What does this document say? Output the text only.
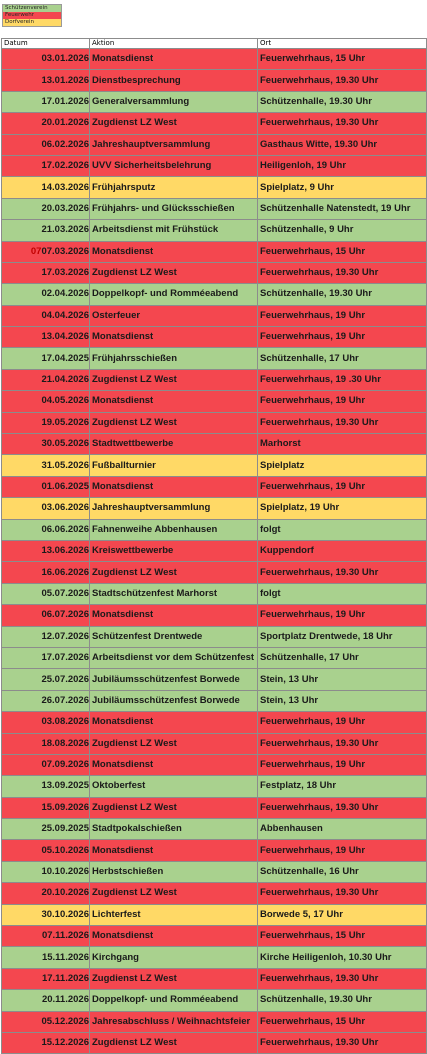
Schützenverein
Feuerwehr
Dorfverein
Datum	Aktion	Ort
03.01.2026	Monatsdienst	Feuerwehrhaus, 15 Uhr
13.01.2026	Dienstbesprechung	Feuerwehrhaus, 19.30 Uhr
17.01.2026	Generalversammlung	Schützenhalle, 19.30 Uhr
20.01.2026	Zugdienst LZ West	Feuerwehrhaus, 19.30 Uhr
06.02.2026	Jahreshauptversammlung	Gasthaus Witte, 19.30 Uhr
17.02.2026	UVV Sicherheitsbelehrung	Heiligenloh, 19 Uhr
14.03.2026	Frühjahrsputz	Spielplatz, 9 Uhr
20.03.2026	Frühjahrs- und Glücksschießen	Schützenhalle Natenstedt, 19 Uhr
21.03.2026	Arbeitsdienst mit Frühstück	Schützenhalle, 9 Uhr
0707.03.2026	Monatsdienst	Feuerwehrhaus, 15 Uhr
17.03.2026	Zugdienst LZ West	Feuerwehrhaus, 19.30 Uhr
02.04.2026	Doppelkopf- und Romméeabend	Schützenhalle, 19.30 Uhr
04.04.2026	Osterfeuer	Feuerwehrhaus, 19 Uhr
13.04.2026	Monatsdienst	Feuerwehrhaus, 19 Uhr
17.04.2025	Frühjahrsschießen	Schützenhalle, 17 Uhr
21.04.2026	Zugdienst LZ West	Feuerwehrhaus, 19 .30 Uhr
04.05.2026	Monatsdienst	Feuerwehrhaus, 19 Uhr
19.05.2026	Zugdienst LZ West	Feuerwehrhaus, 19.30 Uhr
30.05.2026	Stadtwettbewerbe	Marhorst
31.05.2026	Fußballturnier	Spielplatz
01.06.2025	Monatsdienst	Feuerwehrhaus, 19 Uhr
03.06.2026	Jahreshauptversammlung	Spielplatz, 19 Uhr
06.06.2026	Fahnenweihe Abbenhausen	folgt
13.06.2026	Kreiswettbewerbe	Kuppendorf
16.06.2026	Zugdienst LZ West	Feuerwehrhaus, 19.30 Uhr
05.07.2026	Stadtschützenfest Marhorst	folgt
06.07.2026	Monatsdienst	Feuerwehrhaus, 19 Uhr
12.07.2026	Schützenfest Drentwede	Sportplatz Drentwede, 18 Uhr
17.07.2026	Arbeitsdienst vor dem Schützenfest	Schützenhalle, 17 Uhr
25.07.2026	Jubiläumsschützenfest Borwede	Stein, 13 Uhr
26.07.2026	Jubiläumsschützenfest Borwede	Stein, 13 Uhr
03.08.2026	Monatsdienst	Feuerwehrhaus, 19 Uhr
18.08.2026	Zugdienst LZ West	Feuerwehrhaus, 19.30 Uhr
07.09.2026	Monatsdienst	Feuerwehrhaus, 19 Uhr
13.09.2025	Oktoberfest	Festplatz, 18 Uhr
15.09.2026	Zugdienst LZ West	Feuerwehrhaus, 19.30 Uhr
25.09.2025	Stadtpokalschießen	Abbenhausen
05.10.2026	Monatsdienst	Feuerwehrhaus, 19 Uhr
10.10.2026	Herbstschießen	Schützenhalle, 16 Uhr
20.10.2026	Zugdienst LZ West	Feuerwehrhaus, 19.30 Uhr
30.10.2026	Lichterfest	Borwede 5, 17 Uhr
07.11.2026	Monatsdienst	Feuerwehrhaus, 15 Uhr
15.11.2026	Kirchgang	Kirche Heiligenloh, 10.30 Uhr
17.11.2026	Zugdienst LZ West	Feuerwehrhaus, 19.30 Uhr
20.11.2026	Doppelkopf- und Romméeabend	Schützenhalle, 19.30 Uhr
05.12.2026	Jahresabschluss / Weihnachtsfeier	Feuerwehrhaus, 15 Uhr
15.12.2026	Zugdienst LZ West	Feuerwehrhaus, 19.30 Uhr
